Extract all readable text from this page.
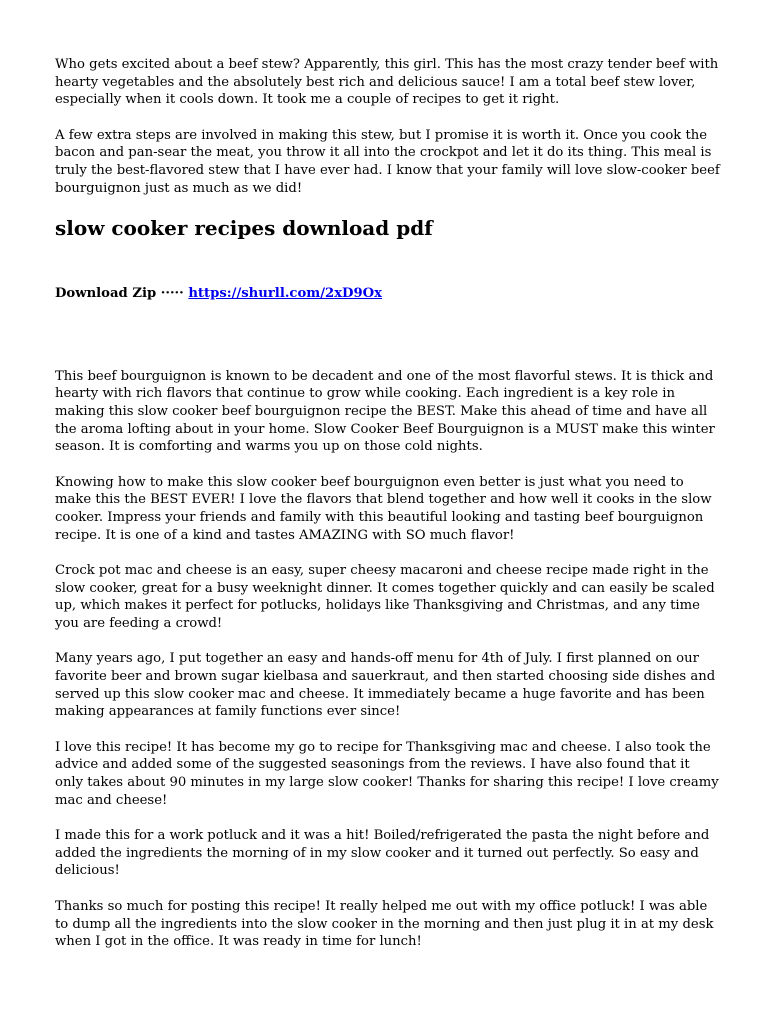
Who gets excited about a beef stew? Apparently, this girl. This has the most crazy tender beef with hearty vegetables and the absolutely best rich and delicious sauce! I am a total beef stew lover, especially when it cools down. It took me a couple of recipes to get it right.

A few extra steps are involved in making this stew, but I promise it is worth it. Once you cook the bacon and pan-sear the meat, you throw it all into the crockpot and let it do its thing. This meal is truly the best-flavored stew that I have ever had. I know that your family will love slow-cooker beef bourguignon just as much as we did!

slow cooker recipes download pdf
Download Zip ····· https://shurll.com/2xD9Ox

This beef bourguignon is known to be decadent and one of the most flavorful stews. It is thick and hearty with rich flavors that continue to grow while cooking. Each ingredient is a key role in making this slow cooker beef bourguignon recipe the BEST. Make this ahead of time and have all the aroma lofting about in your home. Slow Cooker Beef Bourguignon is a MUST make this winter season. It is comforting and warms you up on those cold nights.

Knowing how to make this slow cooker beef bourguignon even better is just what you need to make this the BEST EVER! I love the flavors that blend together and how well it cooks in the slow cooker. Impress your friends and family with this beautiful looking and tasting beef bourguignon recipe. It is one of a kind and tastes AMAZING with SO much flavor!

Crock pot mac and cheese is an easy, super cheesy macaroni and cheese recipe made right in the slow cooker, great for a busy weeknight dinner. It comes together quickly and can easily be scaled up, which makes it perfect for potlucks, holidays like Thanksgiving and Christmas, and any time you are feeding a crowd!

Many years ago, I put together an easy and hands-off menu for 4th of July. I first planned on our favorite beer and brown sugar kielbasa and sauerkraut, and then started choosing side dishes and served up this slow cooker mac and cheese. It immediately became a huge favorite and has been making appearances at family functions ever since!

I love this recipe! It has become my go to recipe for Thanksgiving mac and cheese. I also took the advice and added some of the suggested seasonings from the reviews. I have also found that it only takes about 90 minutes in my large slow cooker! Thanks for sharing this recipe! I love creamy mac and cheese!

I made this for a work potluck and it was a hit! Boiled/refrigerated the pasta the night before and added the ingredients the morning of in my slow cooker and it turned out perfectly. So easy and delicious!

Thanks so much for posting this recipe! It really helped me out with my office potluck! I was able to dump all the ingredients into the slow cooker in the morning and then just plug it in at my desk when I got in the office. It was ready in time for lunch!
